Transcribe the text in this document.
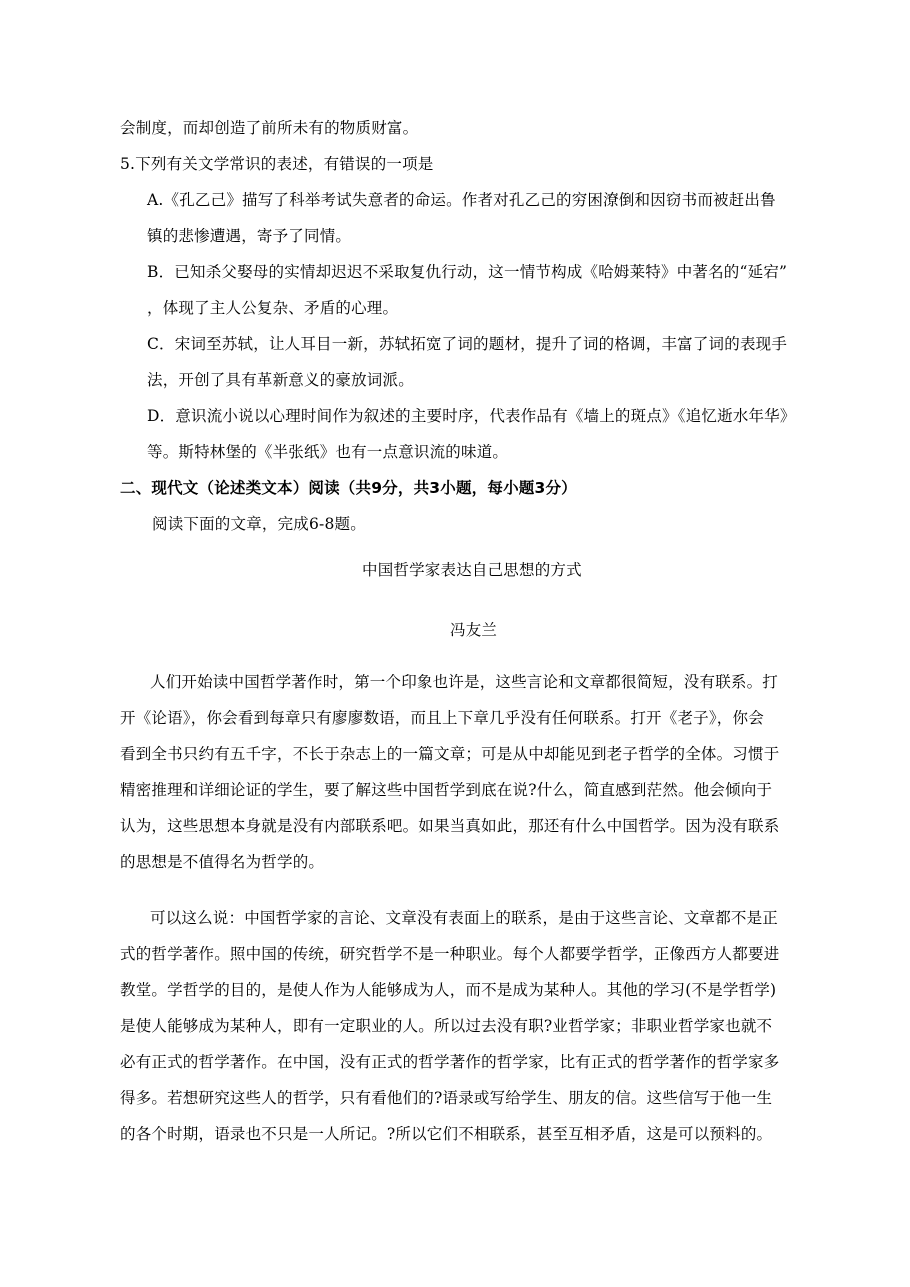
会制度，而却创造了前所未有的物质财富。
5.下列有关文学常识的表述，有错误的一项是
A.《孔乙己》描写了科举考试失意者的命运。作者对孔乙己的穷困潦倒和因窃书而被赶出鲁
镇的悲惨遭遇，寄予了同情。
B．已知杀父娶母的实情却迟迟不采取复仇行动，这一情节构成《哈姆莱特》中著名的“延宕”
，体现了主人公复杂、矛盾的心理。
C．宋词至苏轼，让人耳目一新，苏轼拓宽了词的题材，提升了词的格调，丰富了词的表现手
法，开创了具有革新意义的豪放词派。
D．意识流小说以心理时间作为叙述的主要时序，代表作品有《墙上的斑点》《追忆逝水年华》
等。斯特林堡的《半张纸》也有一点意识流的味道。
二、现代文（论述类文本）阅读（共9分，共3小题，每小题3分）
阅读下面的文章，完成6-8题。
中国哲学家表达自己思想的方式
冯友兰
人们开始读中国哲学著作时，第一个印象也许是，这些言论和文章都很简短，没有联系。打
开《论语》，你会看到每章只有廖廖数语，而且上下章几乎没有任何联系。打开《老子》，你会
看到全书只约有五千字，不长于杂志上的一篇文章；可是从中却能见到老子哲学的全体。习惯于
精密推理和详细论证的学生，要了解这些中国哲学到底在说?什么，简直感到茫然。他会倾向于
认为，这些思想本身就是没有内部联系吧。如果当真如此，那还有什么中国哲学。因为没有联系
的思想是不值得名为哲学的。
可以这么说：中国哲学家的言论、文章没有表面上的联系，是由于这些言论、文章都不是正
式的哲学著作。照中国的传统，研究哲学不是一种职业。每个人都要学哲学，正像西方人都要进
教堂。学哲学的目的，是使人作为人能够成为人，而不是成为某种人。其他的学习(不是学哲学)
是使人能够成为某种人，即有一定职业的人。所以过去没有职?业哲学家；非职业哲学家也就不
必有正式的哲学著作。在中国，没有正式的哲学著作的哲学家，比有正式的哲学著作的哲学家多
得多。若想研究这些人的哲学，只有看他们的?语录或写给学生、朋友的信。这些信写于他一生
的各个时期，语录也不只是一人所记。?所以它们不相联系，甚至互相矛盾，这是可以预料的。
